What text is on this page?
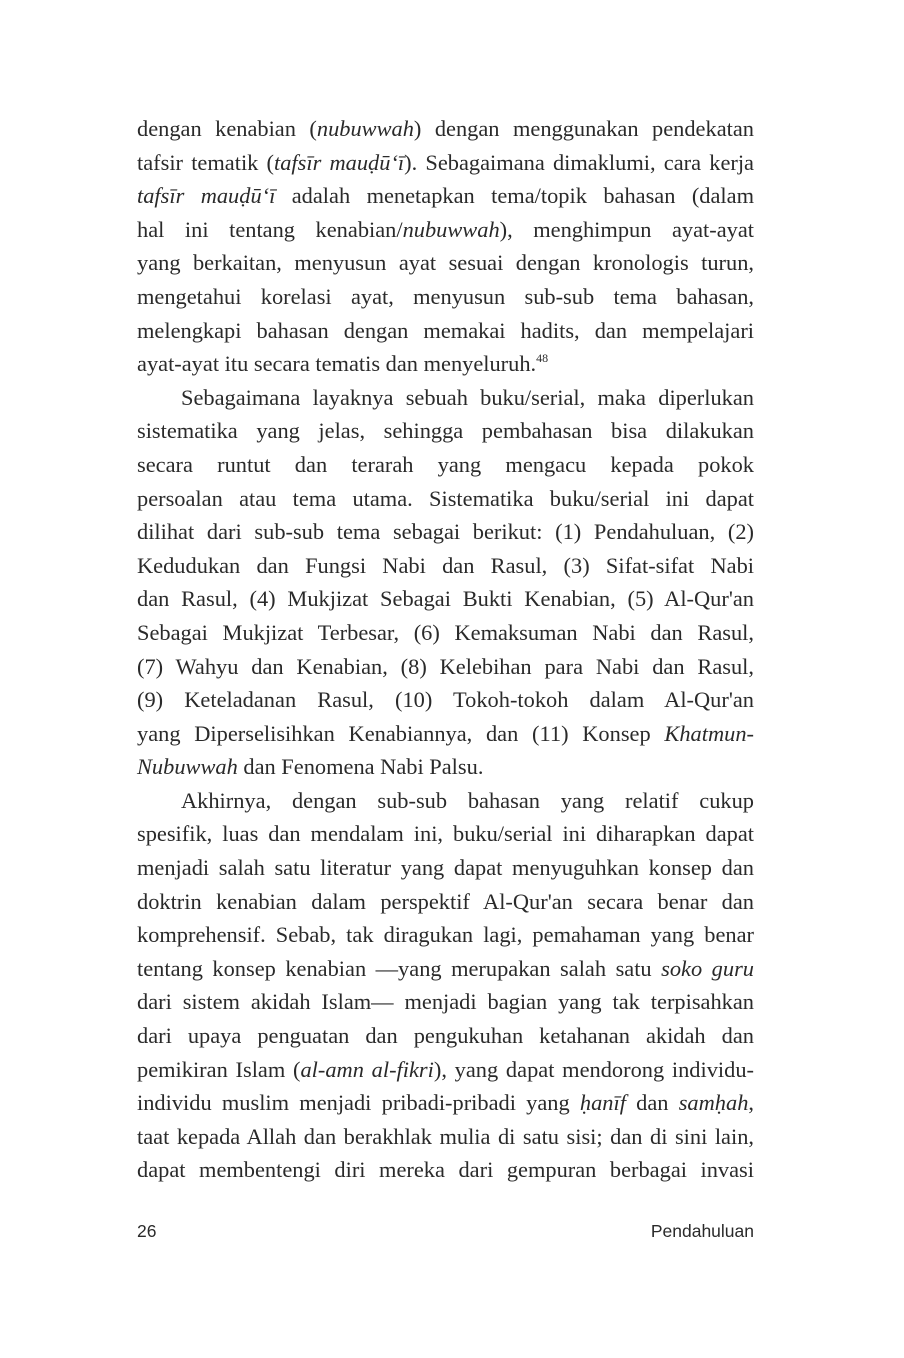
dengan kenabian (nubuwwah) dengan menggunakan pendekatan
tafsir tematik (tafsīr mauḍū‘ī). Sebagaimana dimaklumi, cara kerja
tafsīr mauḍū‘ī adalah menetapkan tema/topik bahasan (dalam
hal ini tentang kenabian/nubuwwah), menghimpun ayat-ayat
yang berkaitan, menyusun ayat sesuai dengan kronologis turun,
mengetahui korelasi ayat, menyusun sub-sub tema bahasan,
melengkapi bahasan dengan memakai hadits, dan mempelajari
ayat-ayat itu secara tematis dan menyeluruh.$^{48}$
Sebagaimana layaknya sebuah buku/serial, maka diperlukan
sistematika yang jelas, sehingga pembahasan bisa dilakukan
secara runtut dan terarah yang mengacu kepada pokok
persoalan atau tema utama. Sistematika buku/serial ini dapat
dilihat dari sub-sub tema sebagai berikut: (1) Pendahuluan, (2)
Kedudukan dan Fungsi Nabi dan Rasul, (3) Sifat-sifat Nabi
dan Rasul, (4) Mukjizat Sebagai Bukti Kenabian, (5) Al-Qur'an
Sebagai Mukjizat Terbesar, (6) Kemaksuman Nabi dan Rasul,
(7) Wahyu dan Kenabian, (8) Kelebihan para Nabi dan Rasul,
(9) Keteladanan Rasul, (10) Tokoh-tokoh dalam Al-Qur'an
yang Diperselisihkan Kenabiannya, dan (11) Konsep Khatmun-
Nubuwwah dan Fenomena Nabi Palsu.
Akhirnya, dengan sub-sub bahasan yang relatif cukup
spesifik, luas dan mendalam ini, buku/serial ini diharapkan dapat
menjadi salah satu literatur yang dapat menyuguhkan konsep dan
doktrin kenabian dalam perspektif Al-Qur'an secara benar dan
komprehensif. Sebab, tak diragukan lagi, pemahaman yang benar
tentang konsep kenabian —yang merupakan salah satu soko guru
dari sistem akidah Islam— menjadi bagian yang tak terpisahkan
dari upaya penguatan dan pengukuhan ketahanan akidah dan
pemikiran Islam (al-amn al-fikri), yang dapat mendorong individu-
individu muslim menjadi pribadi-pribadi yang ḥanīf dan samḥah,
taat kepada Allah dan berakhlak mulia di satu sisi; dan di sini lain,
dapat membentengi diri mereka dari gempuran berbagai invasi
26	Pendahuluan
